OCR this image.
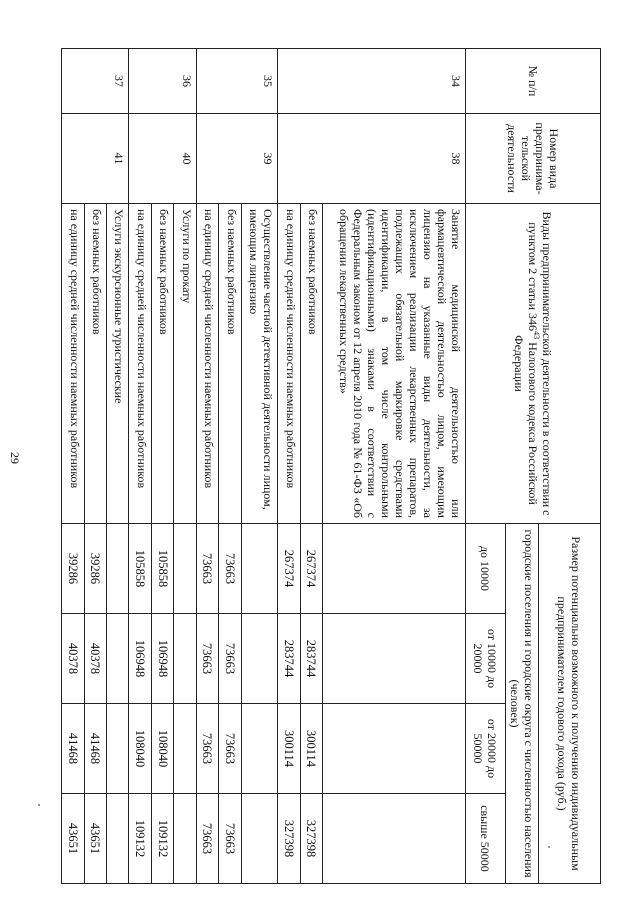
29
№ п/п	Номер вида предпринима-тельской деятельности	Виды предпринимательской деятельности в соответствии с пунктом 2 статьи $346^{43}$ Налогового кодекса Российской Федерации	Размер потенциально возможного к получению индивидуальным предпринимателем годового дохода (руб.)			
			городские поселения и городские округа с численностью населения (человек)			
			до 10000	от 10000 до 20000	от 20000 до 50000	свыше 50000
34	38	Занятие медицинской деятельностью или фармацевтической деятельностью лицом, имеющим лицензию на указанные виды деятельности, за исключением реализации лекарственных препаратов, подлежащих обязательной маркировке средствами идентификации, в том числе контрольными (идентификационными) знаками в соответствии с Федеральным законом от 12 апреля 2010 года № 61-ФЗ «Об обращении лекарственных средств»				
		без наемных работников	267374	283744	300114	327398
		на единицу средней численности наемных работников	267374	283744	300114	327398
35	39	Осуществление частной детективной деятельности лицом, имеющим лицензию				
		без наемных работников	73663	73663	73663	73663
		на единицу средней численности наемных работников	73663	73663	73663	73663
36	40	Услуги по прокату				
		без наемных работников	105858	106948	108040	109132
		на единицу средней численности наемных работников	105858	106948	108040	109132
37	41	Услуги экскурсионные туристические				
		без наемных работников	39286	40378	41468	43651
		на единицу средней численности наемных работников	39286	40378	41468	43651
